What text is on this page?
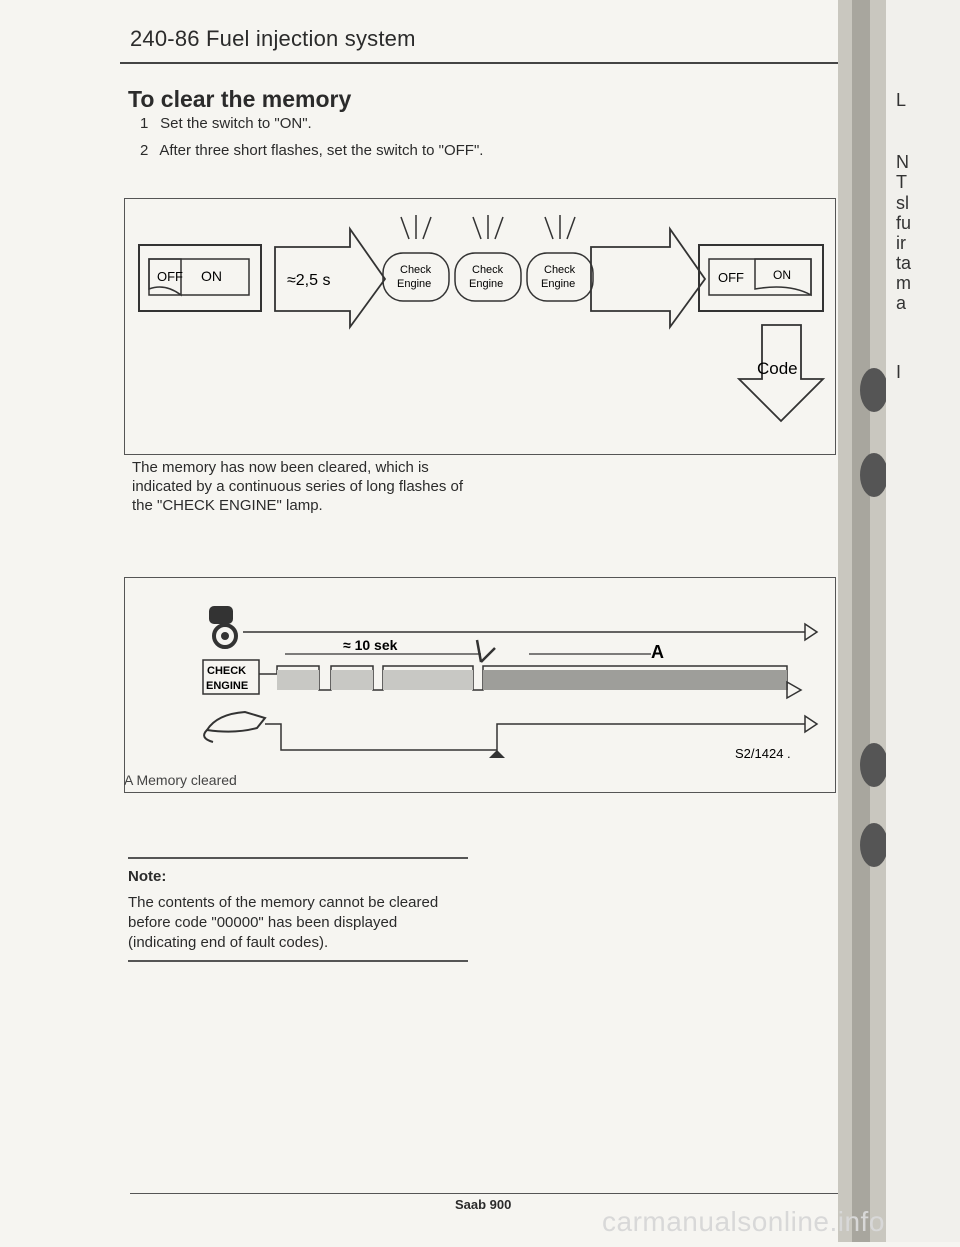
240-86 Fuel injection system
To clear the memory
1 Set the switch to "ON".
2 After three short flashes, set the switch to "OFF".
OFF ON	≈2,5 s
Check
Engine
Check
Engine
Check
Engine	OFF ON
Code
The memory has now been cleared, which is indicated by a continuous series of long flashes of the "CHECK ENGINE" lamp.
≈ 10 sek	A
CHECK
ENGINE
S2/1424 .
A Memory cleared
Note:
The contents of the memory cannot be cleared before code "00000" has been displayed (indicating end of fault codes).
Saab 900
L
N
T
sl
fu
ir
ta
m
a
I
carmanualsonline.info
